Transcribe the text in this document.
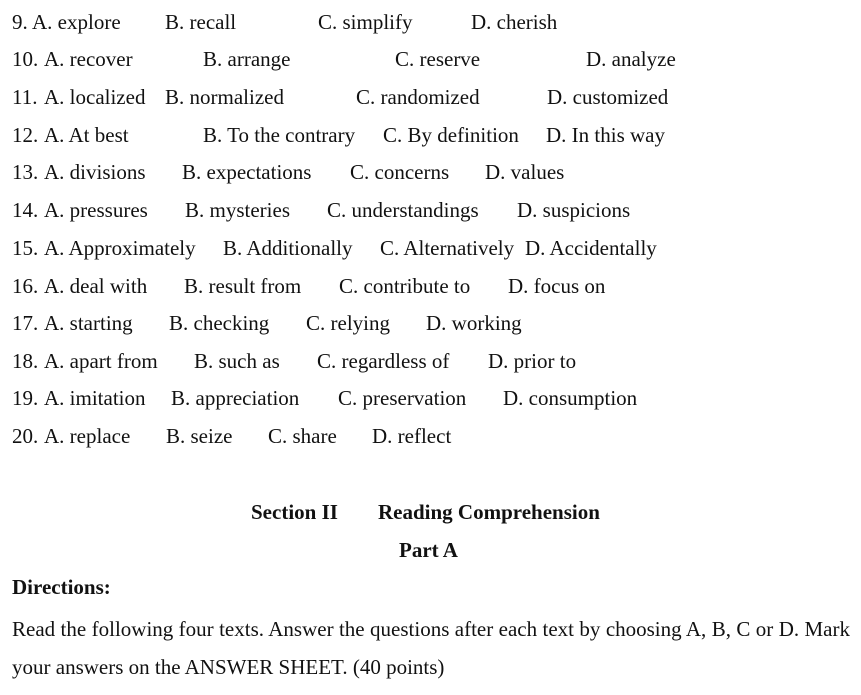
9. A. explore B. recall	C. simplify	D. cherish
10. A. recover	B. arrange	C. reserve	D. analyze
11. A. localized B. normalized	C. randomized	D. customized
12. A. At best	B. To the contrary C. By definition D. In this way
13. A. divisions B. expectations C. concerns D. values
14. A. pressures B. mysteries C. understandings D. suspicions
15. A. Approximately B. Additionally C. Alternatively D. Accidentally
16. A. deal with B. result from C. contribute to D. focus on
17. A. starting B. checking C. relying D. working
18. A. apart from B. such as C. regardless of D. prior to
19. A. imitation B. appreciation C. preservation D. consumption
20. A. replace B. seize C. share D. reflect
Section II Reading Comprehension
Part A
Directions:
Read the following four texts. Answer the questions after each text by choosing A, B, C or D. Mark your answers on the ANSWER SHEET. (40 points)
